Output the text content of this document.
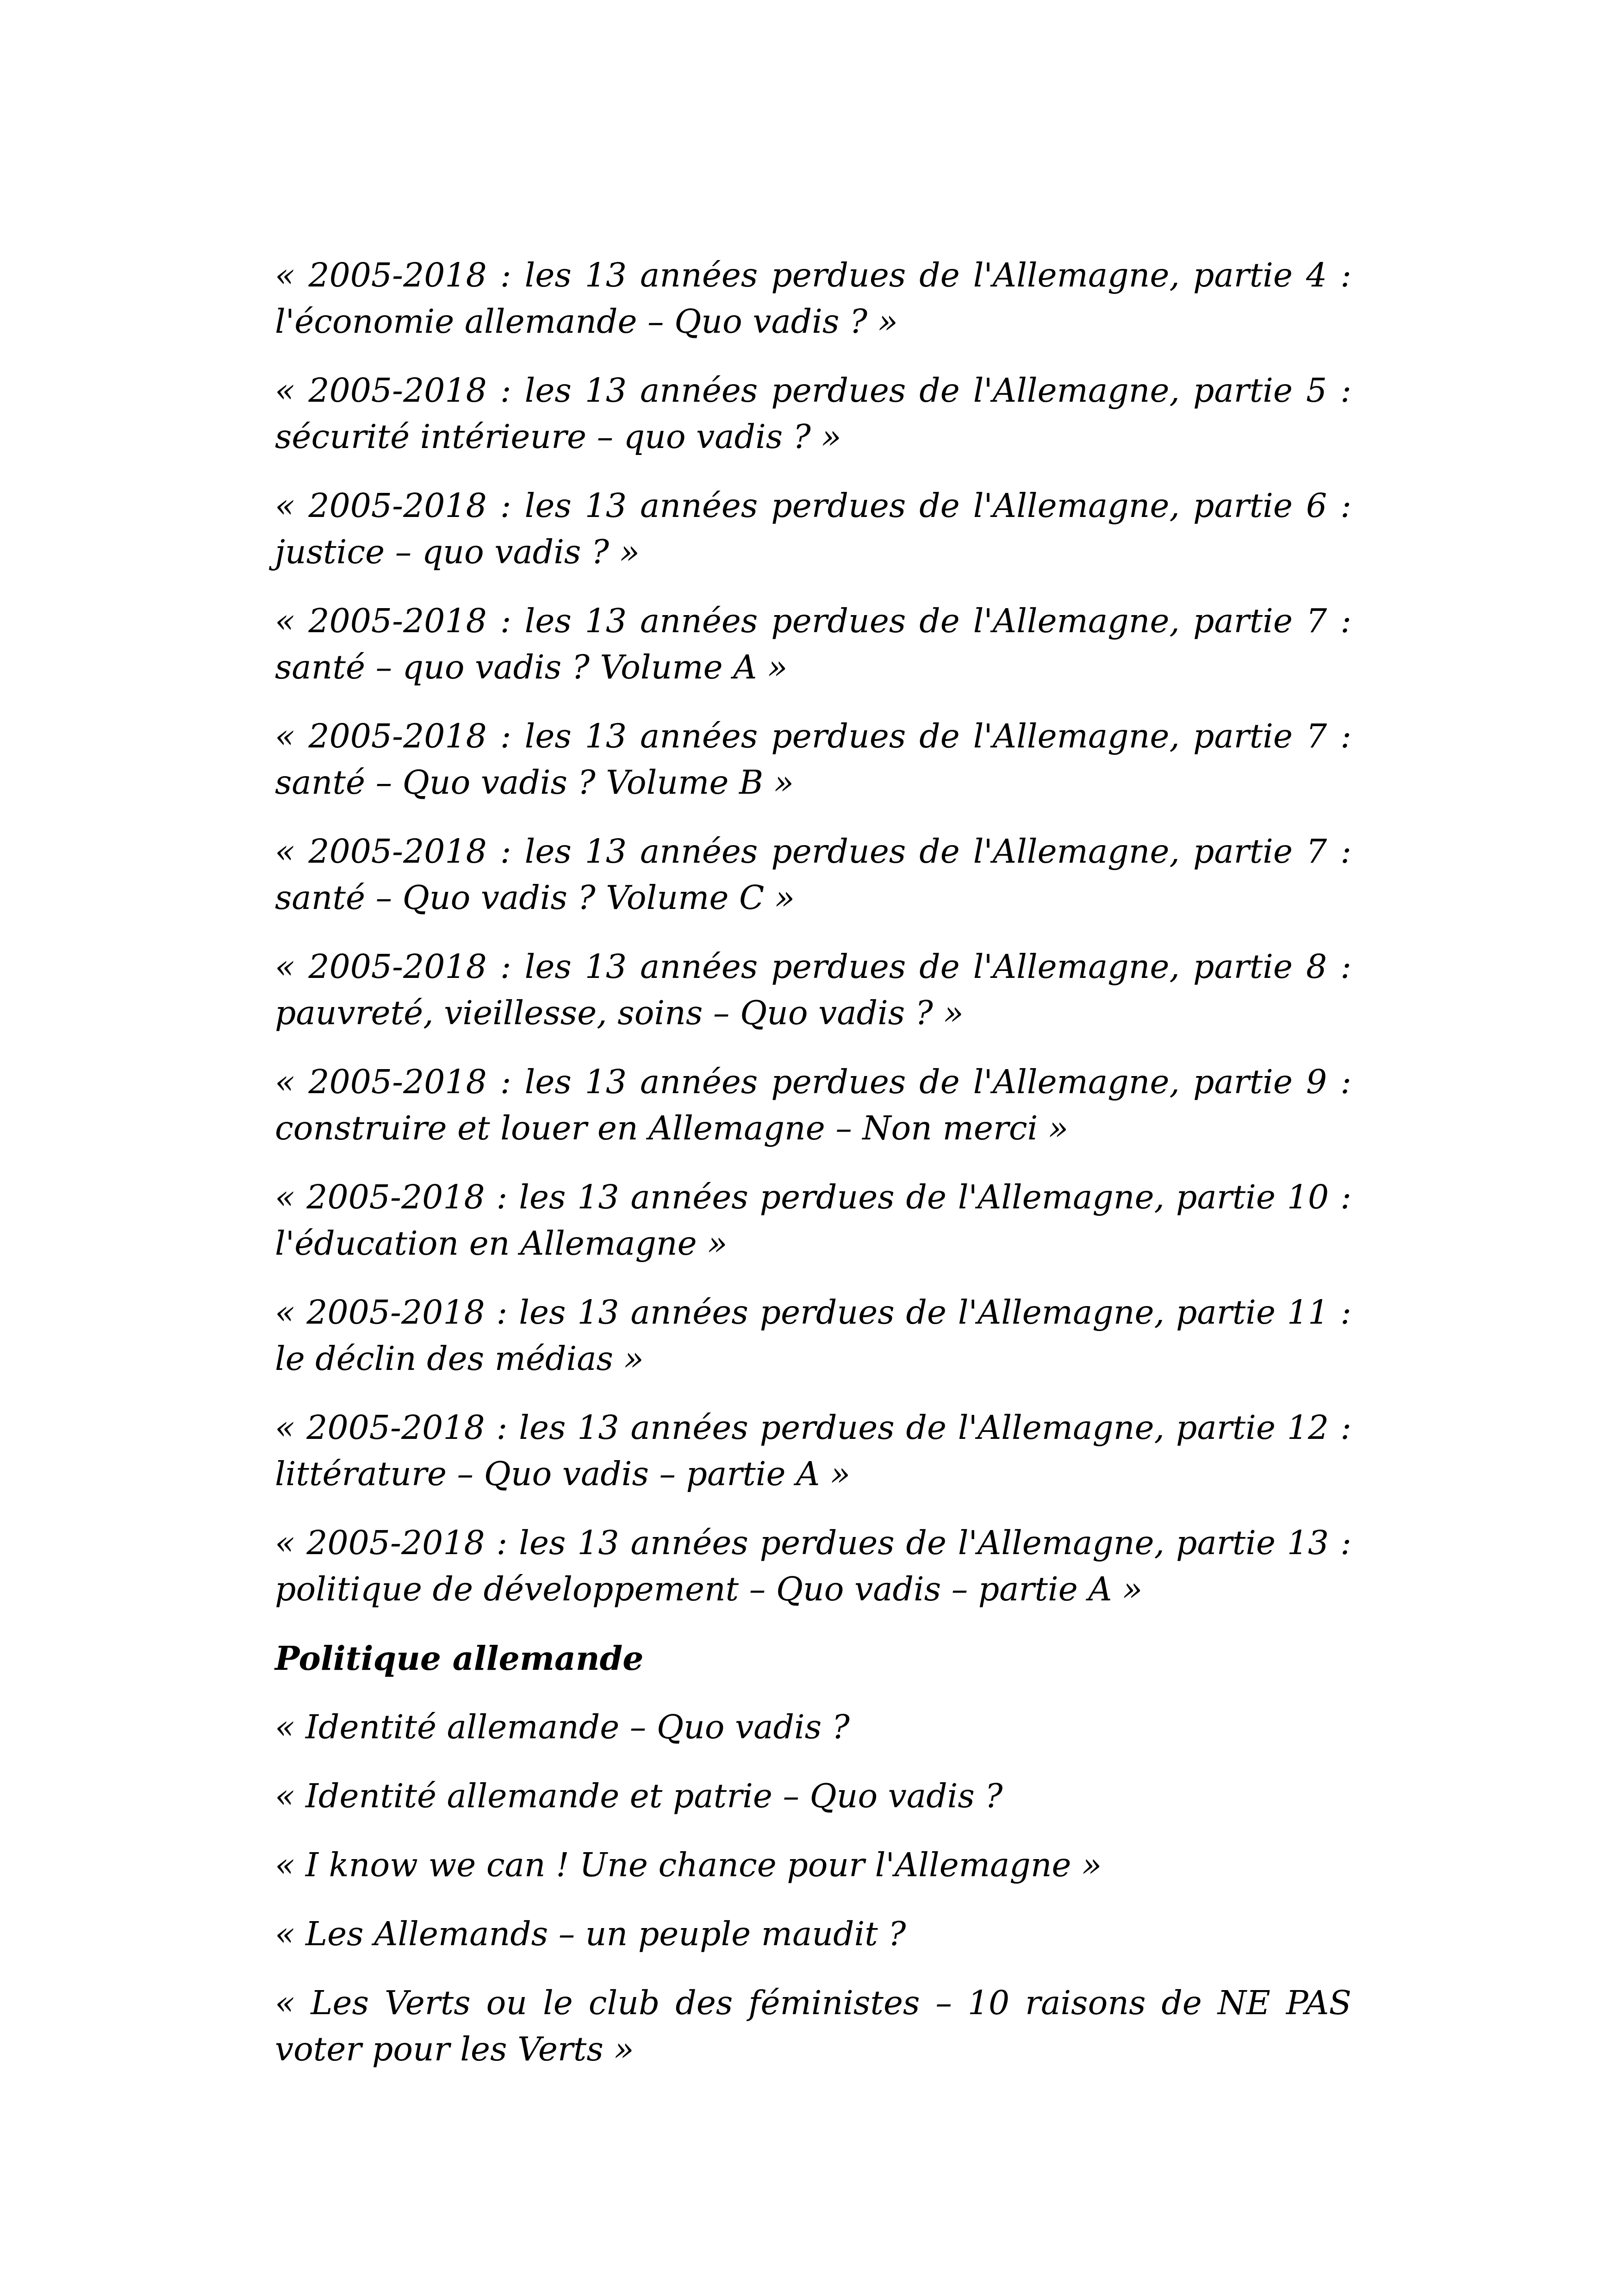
« 2005-2018 : les 13 années perdues de l'Allemagne, partie 4 : l'économie allemande – Quo vadis ? »

« 2005-2018 : les 13 années perdues de l'Allemagne, partie 5 : sécurité intérieure – quo vadis ? »

« 2005-2018 : les 13 années perdues de l'Allemagne, partie 6 : justice – quo vadis ? »

« 2005-2018 : les 13 années perdues de l'Allemagne, partie 7 : santé – quo vadis ? Volume A »

« 2005-2018 : les 13 années perdues de l'Allemagne, partie 7 : santé – Quo vadis ? Volume B »

« 2005-2018 : les 13 années perdues de l'Allemagne, partie 7 : santé – Quo vadis ? Volume C »

« 2005-2018 : les 13 années perdues de l'Allemagne, partie 8 : pauvreté, vieillesse, soins – Quo vadis ? »

« 2005-2018 : les 13 années perdues de l'Allemagne, partie 9 : construire et louer en Allemagne – Non merci »

« 2005-2018 : les 13 années perdues de l'Allemagne, partie 10 : l'éducation en Allemagne »

« 2005-2018 : les 13 années perdues de l'Allemagne, partie 11 : le déclin des médias »

« 2005-2018 : les 13 années perdues de l'Allemagne, partie 12 : littérature – Quo vadis – partie A »

« 2005-2018 : les 13 années perdues de l'Allemagne, partie 13 : politique de développement – Quo vadis – partie A »

Politique allemande

« Identité allemande – Quo vadis ?

« Identité allemande et patrie – Quo vadis ?

« I know we can ! Une chance pour l'Allemagne »

« Les Allemands – un peuple maudit ?

« Les Verts ou le club des féministes – 10 raisons de NE PAS voter pour les Verts »
